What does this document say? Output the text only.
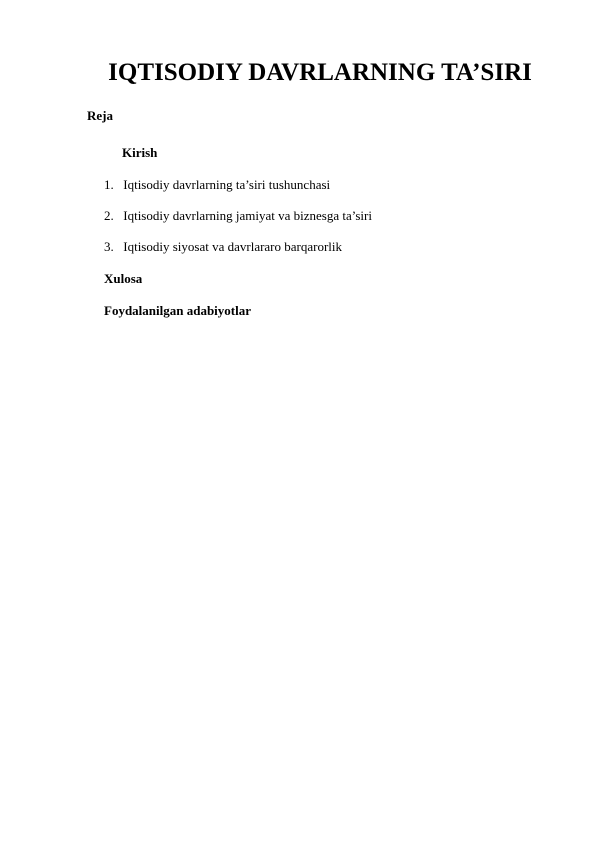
IQTISODIY DAVRLARNING TA’SIRI
Reja
Kirish
1. Iqtisodiy davrlarning ta’siri tushunchasi
2. Iqtisodiy davrlarning jamiyat va biznesga ta’siri
3. Iqtisodiy siyosat va davrlararo barqarorlik
Xulosa
Foydalanilgan adabiyotlar
